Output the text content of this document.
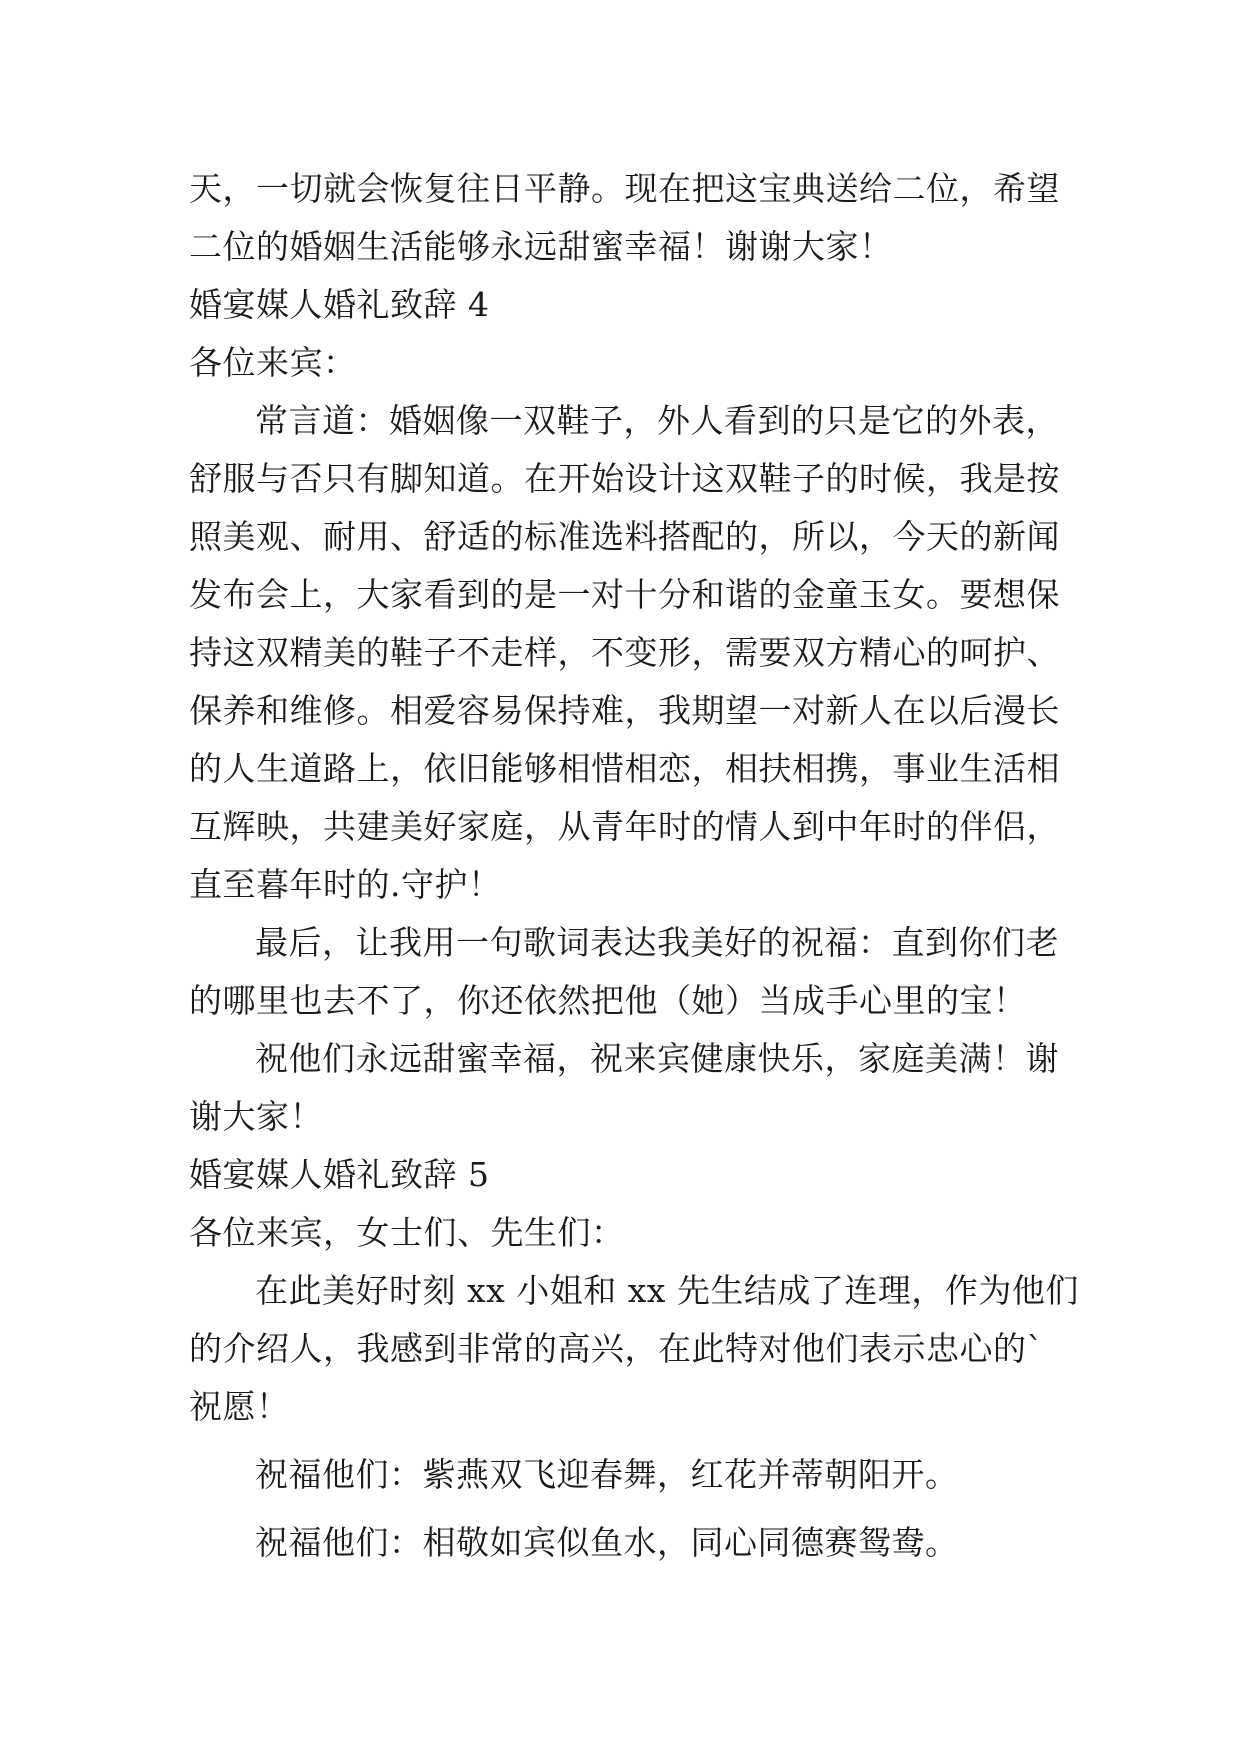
天，一切就会恢复往日平静。现在把这宝典送给二位，希望
二位的婚姻生活能够永远甜蜜幸福！谢谢大家！
婚宴媒人婚礼致辞 4
各位来宾：
常言道：婚姻像一双鞋子，外人看到的只是它的外表，
舒服与否只有脚知道。在开始设计这双鞋子的时候，我是按
照美观、耐用、舒适的标准选料搭配的，所以，今天的新闻
发布会上，大家看到的是一对十分和谐的金童玉女。要想保
持这双精美的鞋子不走样，不变形，需要双方精心的呵护、
保养和维修。相爱容易保持难，我期望一对新人在以后漫长
的人生道路上，依旧能够相惜相恋，相扶相携，事业生活相
互辉映，共建美好家庭，从青年时的情人到中年时的伴侣，
直至暮年时的.守护！
最后，让我用一句歌词表达我美好的祝福：直到你们老
的哪里也去不了，你还依然把他（她）当成手心里的宝！
祝他们永远甜蜜幸福，祝来宾健康快乐，家庭美满！谢
谢大家！
婚宴媒人婚礼致辞 5
各位来宾，女士们、先生们：
在此美好时刻 xx 小姐和 xx 先生结成了连理，作为他们
的介绍人，我感到非常的高兴，在此特对他们表示忠心的`
祝愿！
祝福他们：紫燕双飞迎春舞，红花并蒂朝阳开。
祝福他们：相敬如宾似鱼水，同心同德赛鸳鸯。
